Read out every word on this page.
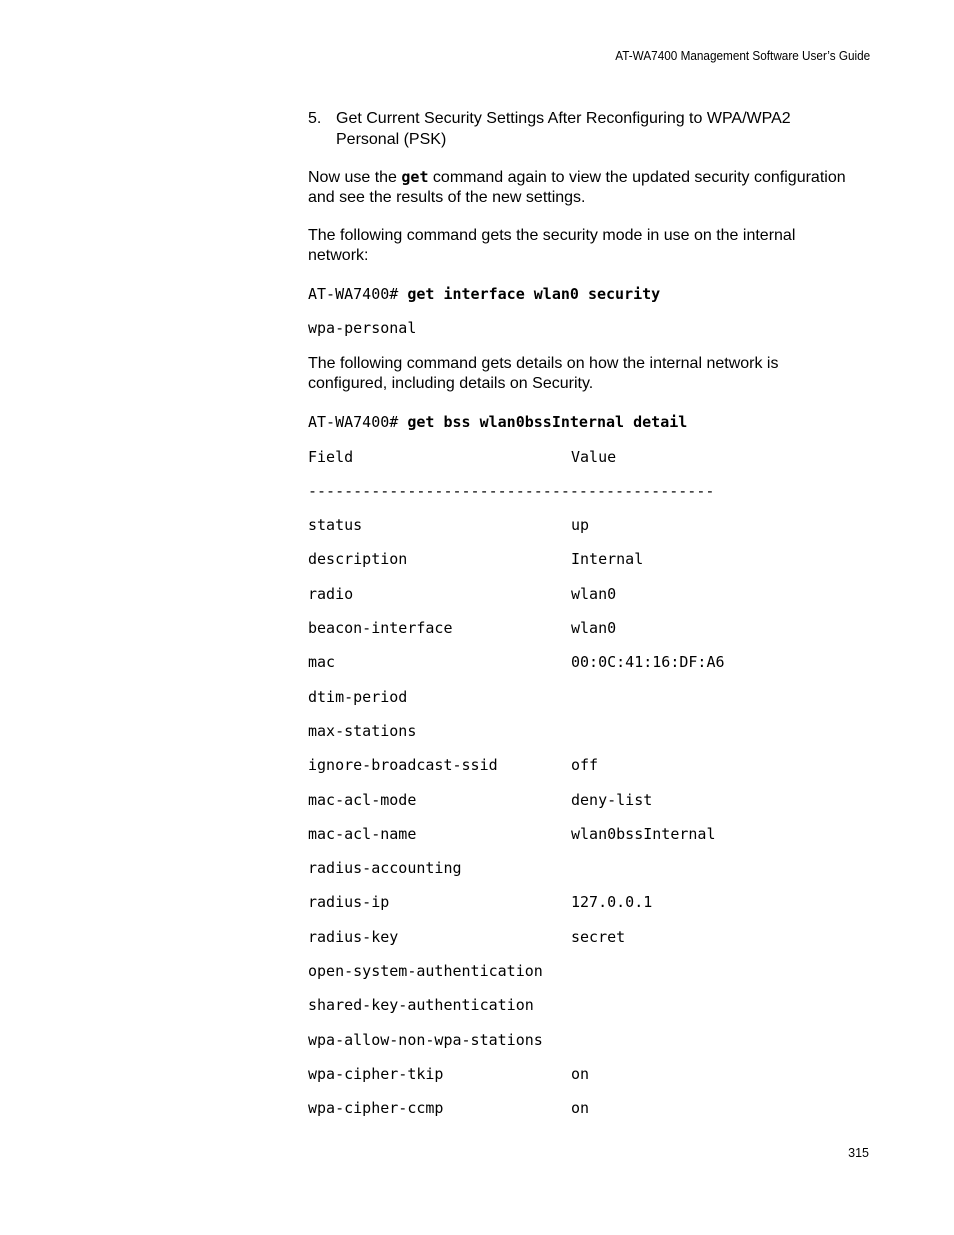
AT-WA7400 Management Software User’s Guide
5. Get Current Security Settings After Reconfiguring to WPA/WPA2 Personal (PSK)

Now use the get command again to view the updated security configuration and see the results of the new settings.

The following command gets the security mode in use on the internal network:

AT-WA7400# get interface wlan0 security
wpa-personal

The following command gets details on how the internal network is configured, including details on Security.

AT-WA7400# get bss wlan0bssInternal detail
Field	Value
---------------------------------------------
status	up
description	Internal
radio	wlan0
beacon-interface	wlan0
mac	00:0C:41:16:DF:A6
dtim-period
max-stations
ignore-broadcast-ssid	off
mac-acl-mode	deny-list
mac-acl-name	wlan0bssInternal
radius-accounting
radius-ip	127.0.0.1
radius-key	secret
open-system-authentication
shared-key-authentication
wpa-allow-non-wpa-stations
wpa-cipher-tkip	on
wpa-cipher-ccmp	on
315
